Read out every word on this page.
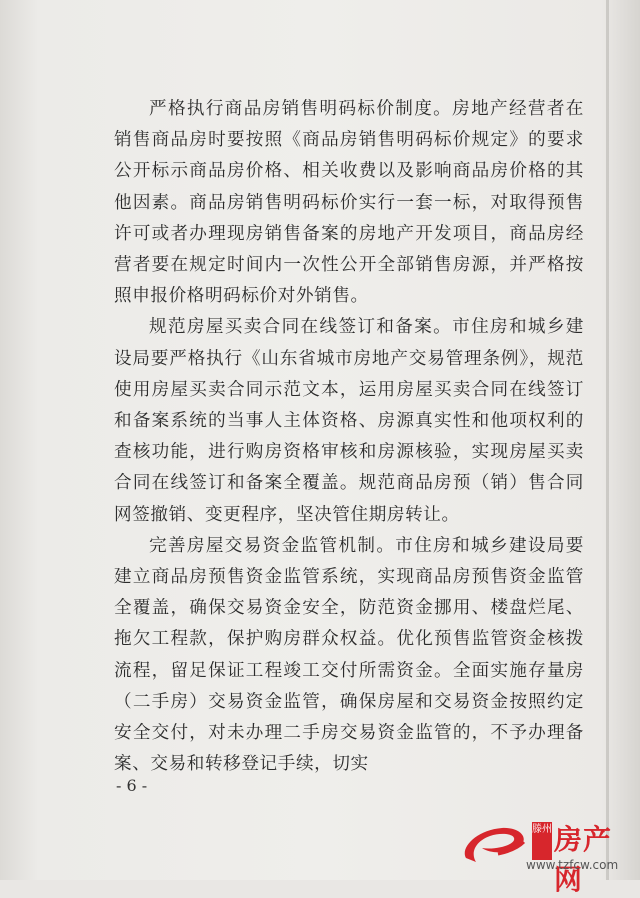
严格执行商品房销售明码标价制度。房地产经营者在销售商品房时要按照《商品房销售明码标价规定》的要求公开标示商品房价格、相关收费以及影响商品房价格的其他因素。商品房销售明码标价实行一套一标，对取得预售许可或者办理现房销售备案的房地产开发项目，商品房经营者要在规定时间内一次性公开全部销售房源，并严格按照申报价格明码标价对外销售。

规范房屋买卖合同在线签订和备案。市住房和城乡建设局要严格执行《山东省城市房地产交易管理条例》，规范使用房屋买卖合同示范文本，运用房屋买卖合同在线签订和备案系统的当事人主体资格、房源真实性和他项权利的查核功能，进行购房资格审核和房源核验，实现房屋买卖合同在线签订和备案全覆盖。规范商品房预（销）售合同网签撤销、变更程序，坚决管住期房转让。

完善房屋交易资金监管机制。市住房和城乡建设局要建立商品房预售资金监管系统，实现商品房预售资金监管全覆盖，确保交易资金安全，防范资金挪用、楼盘烂尾、拖欠工程款，保护购房群众权益。优化预售监管资金核拨流程，留足保证工程竣工交付所需资金。全面实施存量房（二手房）交易资金监管，确保房屋和交易资金按照约定安全交付，对未办理二手房交易资金监管的，不予办理备案、交易和转移登记手续，切实

- 6 -
滕州 房产网
www.tzfcw.com
